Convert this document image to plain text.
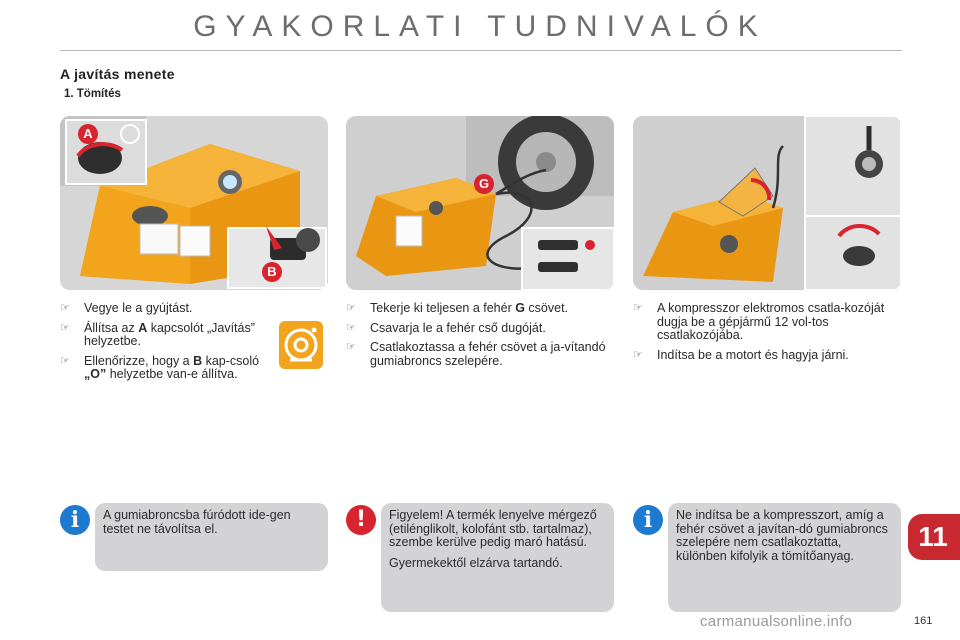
GYAKORLATI TUDNIVALÓK
A javítás menete
1. Tömítés
A
B
G
☞ Vegye le a gyújtást.
☞ Állítsa az A kapcsolót „Javítás” helyzetbe.
☞ Ellenőrizze, hogy a B kap-csoló „O” helyzetbe van-e állítva.
☞ Tekerje ki teljesen a fehér G csövet.
☞ Csavarja le a fehér cső dugóját.
☞ Csatlakoztassa a fehér csövet a ja-vítandó gumiabroncs szelepére.
☞ A kompresszor elektromos csatla-kozóját dugja be a gépjármű 12 vol-tos csatlakozójába.
☞ Indítsa be a motort és hagyja járni.
i	A gumiabroncsba fúródott ide-gen testet ne távolítsa el.	!	Figyelem! A termék lenyelve mérgező (etilénglikolt, kolofánt stb. tartalmaz), szembe kerülve pedig maró hatású.

Gyermekektől elzárva tartandó.

i	Ne indítsa be a kompresszort, amíg a fehér csövet a javítan-dó gumiabroncs szelepére nem csatlakoztatta, különben kifolyik a tömítőanyag.

11
carmanualsonline.info	161
